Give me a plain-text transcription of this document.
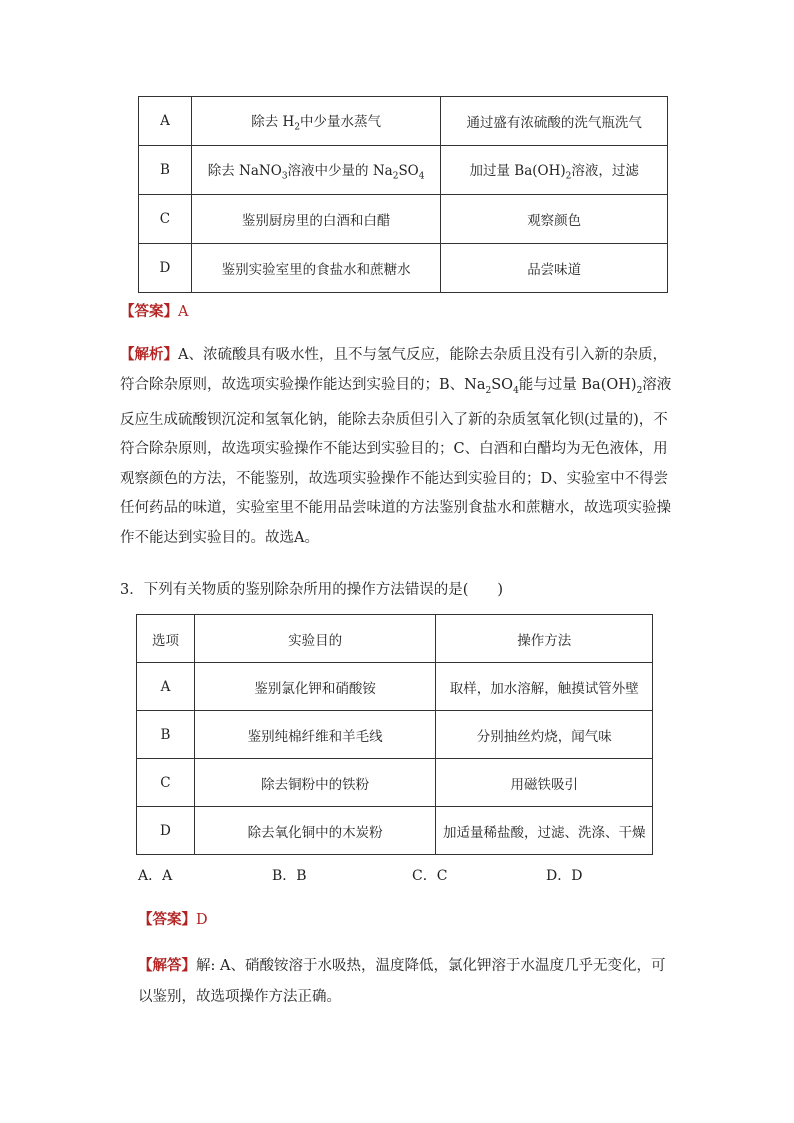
A	除去 $H_2$中少量水蒸气	通过盛有浓硫酸的洗气瓶洗气
B	除去 NaNO$_3$溶液中少量的 $Na_2SO_4$	加过量 $Ba(OH)_2$溶液，过滤
C	鉴别厨房里的白酒和白醋	观察颜色
D	鉴别实验室里的食盐水和蔗糖水	品尝味道

【答案】A

【解析】A、浓硫酸具有吸水性，且不与氢气反应，能除去杂质且没有引入新的杂质，符合除杂原则，故选项实验操作能达到实验目的；B、$Na_2SO_4$能与过量 $Ba(OH)_2$溶液反应生成硫酸钡沉淀和氢氧化钠，能除去杂质但引入了新的杂质氢氧化钡(过量的)，不符合除杂原则，故选项实验操作不能达到实验目的；C、白酒和白醋均为无色液体，用观察颜色的方法，不能鉴别，故选项实验操作不能达到实验目的；D、实验室中不得尝任何药品的味道，实验室里不能用品尝味道的方法鉴别食盐水和蔗糖水，故选项实验操作不能达到实验目的。故选A。

3．下列有关物质的鉴别除杂所用的操作方法错误的是(　　)

选项	实验目的	操作方法
A	鉴别氯化钾和硝酸铵	取样，加水溶解，触摸试管外壁
B	鉴别纯棉纤维和羊毛线	分别抽丝灼烧，闻气味
C	除去铜粉中的铁粉	用磁铁吸引
D	除去氧化铜中的木炭粉	加适量稀盐酸，过滤、洗涤、干燥
A．A	B．B	C．C	D．D

【答案】D

【解答】解: A、硝酸铵溶于水吸热，温度降低，氯化钾溶于水温度几乎无变化，可以鉴别，故选项操作方法正确。
